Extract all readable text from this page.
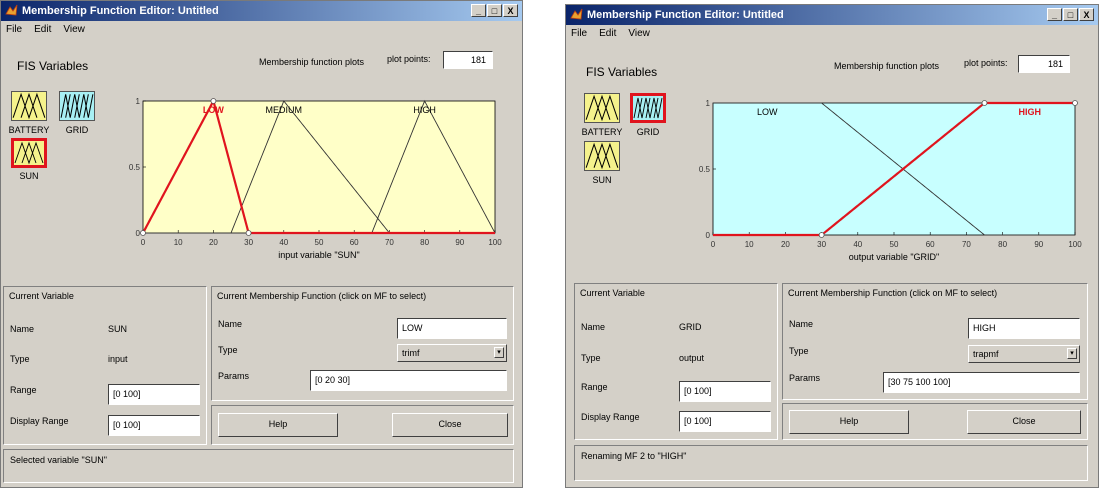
Membership Function Editor: Untitled	_	□	X
File Edit View
FIS Variables
BATTERY	GRID
SUN
Membership function plots	plot points:	181
0	10	20	30	40	50	60	70	80	90	100
0
0.5
1
input variable "SUN"
MEDIUM	HIGH
LOW
Current Variable
Name	SUN
Type	input
Range	[0 100]
Display Range	[0 100]
Current Membership Function (click on MF to select)
Name	LOW
Type	trimf	▾
Params	[0 20 30]
Help	Close
Selected variable "SUN"
Membership Function Editor: Untitled	_	□	X
File Edit View
FIS Variables
BATTERY	GRID
SUN
Membership function plots	plot points:	181
0	10	20	30	40	50	60	70	80	90	100
0
0.5
1
output variable "GRID"
LOW	HIGH
Current Variable
Name	GRID
Type	output
Range	[0 100]
Display Range	[0 100]
Current Membership Function (click on MF to select)
Name	HIGH
Type	trapmf	▾
Params	[30 75 100 100]
Help	Close
Renaming MF 2 to "HIGH"
